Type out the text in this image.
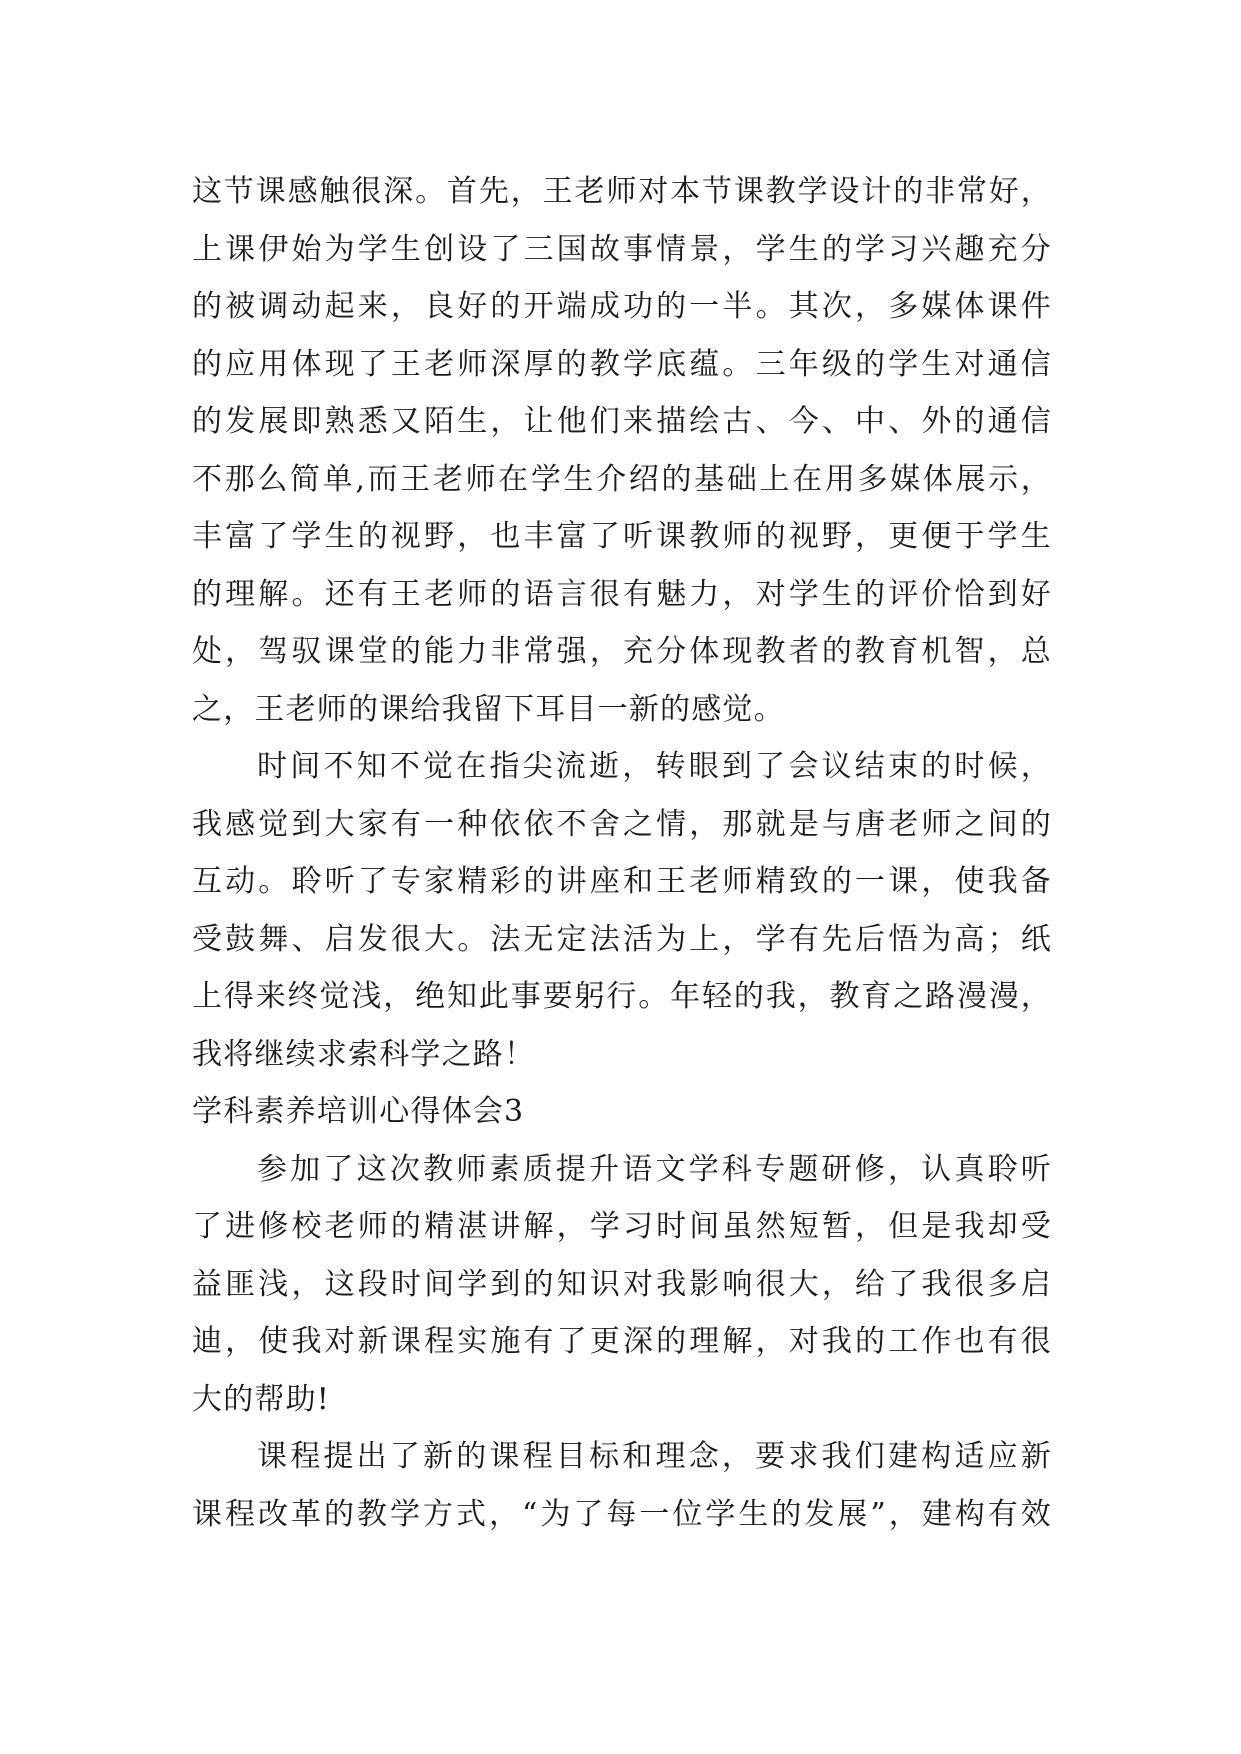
这节课感触很深。首先，王老师对本节课教学设计的非常好，
上课伊始为学生创设了三国故事情景，学生的学习兴趣充分
的被调动起来，良好的开端成功的一半。其次，多媒体课件
的应用体现了王老师深厚的教学底蕴。三年级的学生对通信
的发展即熟悉又陌生，让他们来描绘古、今、中、外的通信
不那么简单,而王老师在学生介绍的基础上在用多媒体展示，
丰富了学生的视野，也丰富了听课教师的视野，更便于学生
的理解。还有王老师的语言很有魅力，对学生的评价恰到好
处，驾驭课堂的能力非常强，充分体现教者的教育机智，总
之，王老师的课给我留下耳目一新的感觉。
时间不知不觉在指尖流逝，转眼到了会议结束的时候，
我感觉到大家有一种依依不舍之情，那就是与唐老师之间的
互动。聆听了专家精彩的讲座和王老师精致的一课，使我备
受鼓舞、启发很大。法无定法活为上，学有先后悟为高；纸
上得来终觉浅，绝知此事要躬行。年轻的我，教育之路漫漫，
我将继续求索科学之路！
学科素养培训心得体会3
参加了这次教师素质提升语文学科专题研修，认真聆听
了进修校老师的精湛讲解，学习时间虽然短暂，但是我却受
益匪浅，这段时间学到的知识对我影响很大，给了我很多启
迪，使我对新课程实施有了更深的理解，对我的工作也有很
大的帮助!
课程提出了新的课程目标和理念，要求我们建构适应新
课程改革的教学方式，“为了每一位学生的发展”，建构有效
